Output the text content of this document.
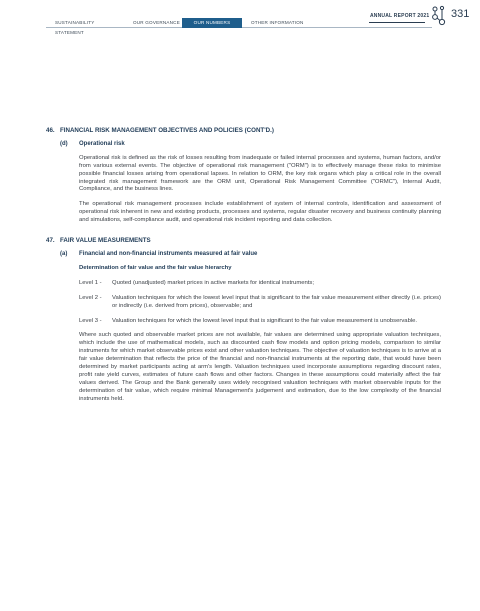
SUSTAINABILITY STATEMENT
OUR GOVERNANCE	OUR NUMBERS	OTHER INFORMATION
ANNUAL REPORT 2021 331
46. FINANCIAL RISK MANAGEMENT OBJECTIVES AND POLICIES (CONT'D.)
(d) Operational risk
Operational risk is defined as the risk of losses resulting from inadequate or failed internal processes and systems, human factors, and/or from various external events. The objective of operational risk management ("ORM") is to effectively manage these risks to minimise possible financial losses arising from operational lapses. In relation to ORM, the key risk organs which play a critical role in the overall integrated risk management framework are the ORM unit, Operational Risk Management Committee ("ORMC"), Internal Audit, Compliance, and the business lines.
The operational risk management processes include establishment of system of internal controls, identification and assessment of operational risk inherent in new and existing products, processes and systems, regular disaster recovery and business continuity planning and simulations, self-compliance audit, and operational risk incident reporting and data collection.
47. FAIR VALUE MEASUREMENTS
(a) Financial and non-financial instruments measured at fair value
Determination of fair value and the fair value hierarchy
Level 1 -	Quoted (unadjusted) market prices in active markets for identical instruments;
Level 2 -	Valuation techniques for which the lowest level input that is significant to the fair value measurement either directly (i.e. prices) or indirectly (i.e. derived from prices), observable; and
Level 3 -	Valuation techniques for which the lowest level input that is significant to the fair value measurement is unobservable.
Where such quoted and observable market prices are not available, fair values are determined using appropriate valuation techniques, which include the use of mathematical models, such as discounted cash flow models and option pricing models, comparison to similar instruments for which market observable prices exist and other valuation techniques. The objective of valuation techniques is to arrive at a fair value determination that reflects the price of the financial and non-financial instruments at the reporting date, that would have been determined by market participants acting at arm's length. Valuation techniques used incorporate assumptions regarding discount rates, profit rate yield curves, estimates of future cash flows and other factors. Changes in these assumptions could materially affect the fair values derived. The Group and the Bank generally uses widely recognised valuation techniques with market observable inputs for the determination of fair value, which require minimal Management's judgement and estimation, due to the low complexity of the financial instruments held.
